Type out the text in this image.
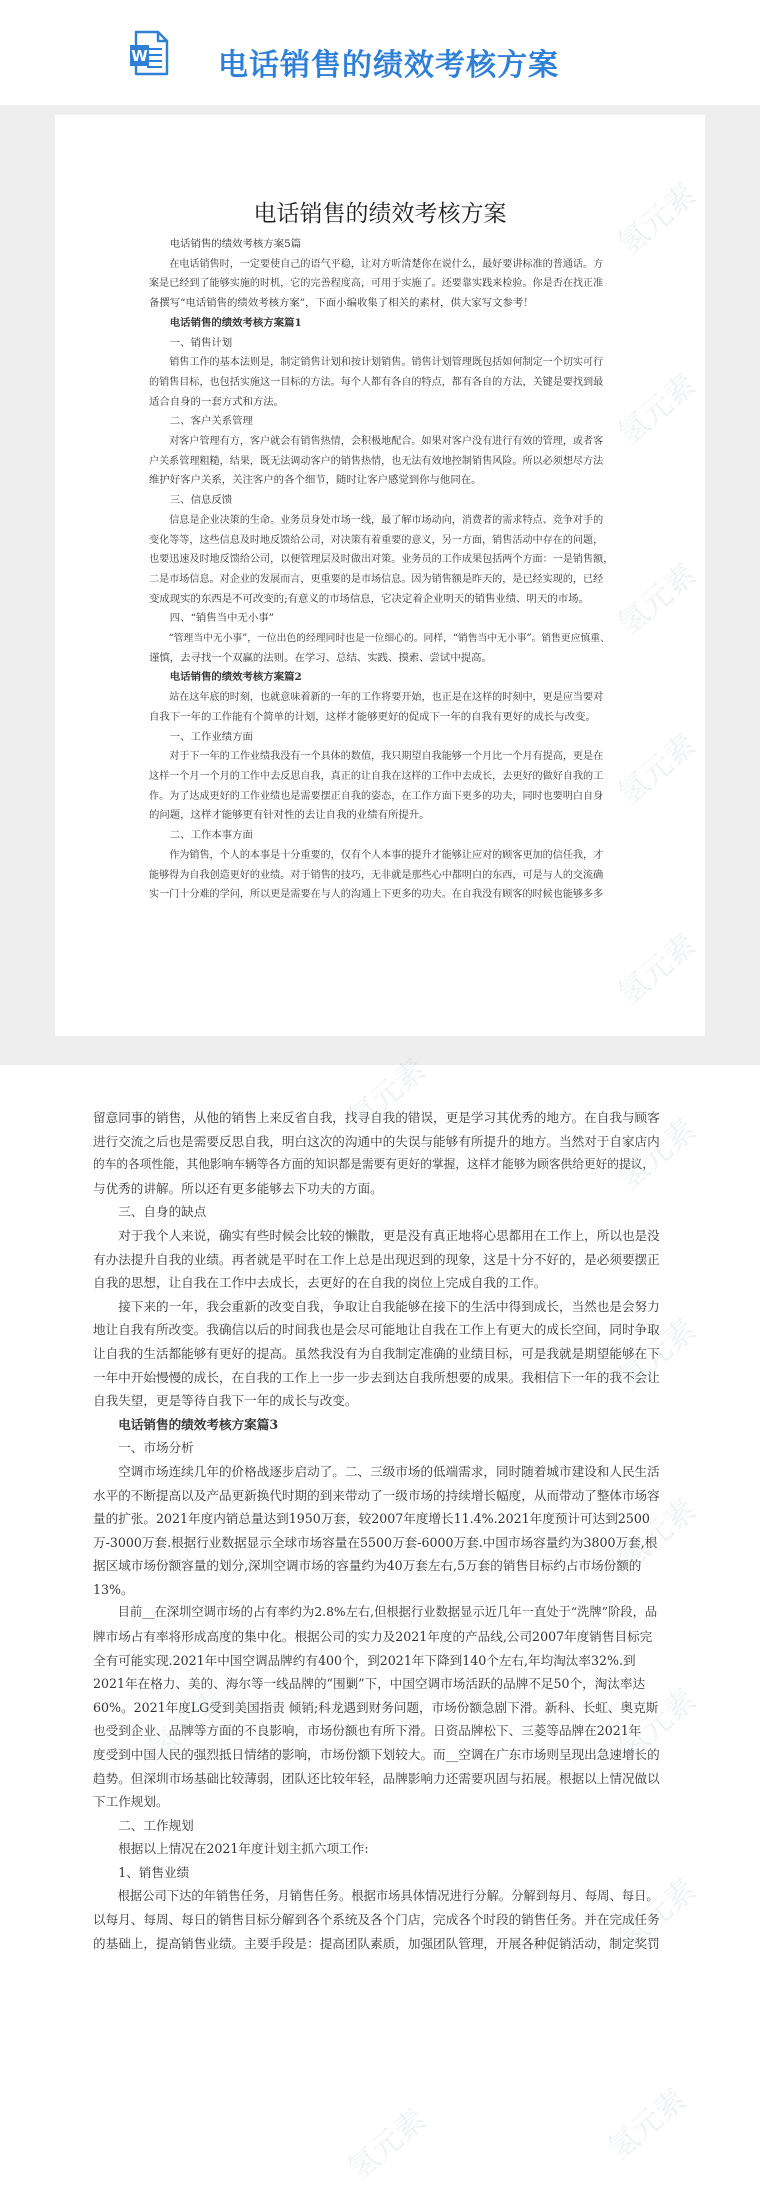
W 电话销售的绩效考核方案
电话销售的绩效考核方案
电话销售的绩效考核方案5篇
在电话销售时，一定要使自己的语气平稳，让对方听清楚你在说什么，最好要讲标准的普通话。方
案是已经到了能够实施的时机，它的完善程度高，可用于实施了。还要靠实践来检验。你是否在找正准
备撰写“电话销售的绩效考核方案”，下面小编收集了相关的素材，供大家写文参考！
电话销售的绩效考核方案篇1
一、销售计划
销售工作的基本法则是，制定销售计划和按计划销售。销售计划管理既包括如何制定一个切实可行
的销售目标，也包括实施这一目标的方法。每个人都有各自的特点，都有各自的方法，关键是要找到最
适合自身的一套方式和方法。
二、客户关系管理
对客户管理有方，客户就会有销售热情，会积极地配合。如果对客户没有进行有效的管理，或者客
户关系管理粗糙，结果，既无法调动客户的销售热情，也无法有效地控制销售风险。所以必须想尽方法
维护好客户关系，关注客户的各个细节，随时让客户感觉到你与他同在。
三、信息反馈
信息是企业决策的生命。业务员身处市场一线，最了解市场动向，消费者的需求特点、竞争对手的
变化等等，这些信息及时地反馈给公司，对决策有着重要的意义，另一方面，销售活动中存在的问题，
也要迅速及时地反馈给公司，以便管理层及时做出对策。业务员的工作成果包括两个方面：一是销售额，
二是市场信息。对企业的发展而言，更重要的是市场信息。因为销售额是昨天的，是已经实现的，已经
变成现实的东西是不可改变的;有意义的市场信息，它决定着企业明天的销售业绩、明天的市场。
四、“销售当中无小事”
“管理当中无小事”，一位出色的经理同时也是一位细心的。同样，“销售当中无小事”。销售更应慎重、
谨慎，去寻找一个双赢的法则。在学习、总结、实践、摸索、尝试中提高。
电话销售的绩效考核方案篇2
站在这年底的时刻，也就意味着新的一年的工作将要开始，也正是在这样的时刻中，更是应当要对
自我下一年的工作能有个简单的计划，这样才能够更好的促成下一年的自我有更好的成长与改变。
一、工作业绩方面
对于下一年的工作业绩我没有一个具体的数值，我只期望自我能够一个月比一个月有提高，更是在
这样一个月一个月的工作中去反思自我，真正的让自我在这样的工作中去成长，去更好的做好自我的工
作。为了达成更好的工作业绩也是需要摆正自我的姿态，在工作方面下更多的功夫，同时也要明白自身
的问题，这样才能够更有针对性的去让自我的业绩有所提升。
二、工作本事方面
作为销售，个人的本事是十分重要的，仅有个人本事的提升才能够让应对的顾客更加的信任我，才
能够得为自我创造更好的业绩。对于销售的技巧，无非就是那些心中都明白的东西，可是与人的交流确
实一门十分难的学问，所以更是需要在与人的沟通上下更多的功夫。在自我没有顾客的时候也能够多多
留意同事的销售，从他的销售上来反省自我，找寻自我的错误，更是学习其优秀的地方。在自我与顾客
进行交流之后也是需要反思自我，明白这次的沟通中的失误与能够有所提升的地方。当然对于自家店内
的车的各项性能，其他影响车辆等各方面的知识都是需要有更好的掌握，这样才能够为顾客供给更好的提议，
与优秀的讲解。所以还有更多能够去下功夫的方面。
三、自身的缺点
对于我个人来说，确实有些时候会比较的懒散，更是没有真正地将心思都用在工作上，所以也是没
有办法提升自我的业绩。再者就是平时在工作上总是出现迟到的现象，这是十分不好的，是必须要摆正
自我的思想，让自我在工作中去成长，去更好的在自我的岗位上完成自我的工作。
接下来的一年，我会重新的改变自我，争取让自我能够在接下的生活中得到成长，当然也是会努力
地让自我有所改变。我确信以后的时间我也是会尽可能地让自我在工作上有更大的成长空间，同时争取
让自我的生活都能够有更好的提高。虽然我没有为自我制定准确的业绩目标，可是我就是期望能够在下
一年中开始慢慢的成长，在自我的工作上一步一步去到达自我所想要的成果。我相信下一年的我不会让
自我失望，更是等待自我下一年的成长与改变。
电话销售的绩效考核方案篇3
一、市场分析
空调市场连续几年的价格战逐步启动了。二、三级市场的低端需求，同时随着城市建设和人民生活
水平的不断提高以及产品更新换代时期的到来带动了一级市场的持续增长幅度，从而带动了整体市场容
量的扩张。2021年度内销总量达到1950万套，较2007年度增长11.4%.2021年度预计可达到2500
万-3000万套.根据行业数据显示全球市场容量在5500万套-6000万套.中国市场容量约为3800万套,根
据区域市场份额容量的划分,深圳空调市场的容量约为40万套左右,5万套的销售目标约占市场份额的
13%。
目前__在深圳空调市场的占有率约为2.8%左右,但根据行业数据显示近几年一直处于“洗牌”阶段，品
牌市场占有率将形成高度的集中化。根据公司的实力及2021年度的产品线,公司2007年度销售目标完
全有可能实现.2021年中国空调品牌约有400个，到2021年下降到140个左右,年均淘汰率32%.到
2021年在格力、美的、海尔等一线品牌的“围剿”下，中国空调市场活跃的品牌不足50个，淘汰率达
60%。2021年度LG受到美国指责 倾销;科龙遇到财务问题，市场份额急剧下滑。新科、长虹、奥克斯
也受到企业、品牌等方面的不良影响，市场份额也有所下滑。日资品牌松下、三菱等品牌在2021年
度受到中国人民的强烈抵日情绪的影响，市场份额下划较大。而__空调在广东市场则呈现出急速增长的
趋势。但深圳市场基础比较薄弱，团队还比较年轻，品牌影响力还需要巩固与拓展。根据以上情况做以
下工作规划。
二、工作规划
根据以上情况在2021年度计划主抓六项工作:
1、销售业绩
根据公司下达的年销售任务，月销售任务。根据市场具体情况进行分解。分解到每月、每周、每日。
以每月、每周、每日的销售目标分解到各个系统及各个门店，完成各个时段的销售任务。并在完成任务
的基础上，提高销售业绩。主要手段是：提高团队素质，加强团队管理，开展各种促销活动，制定奖罚
氢元素
氢元素
氢元素
氢元素
氢元素
氢元素
氢元素
氢元素
氢元素
